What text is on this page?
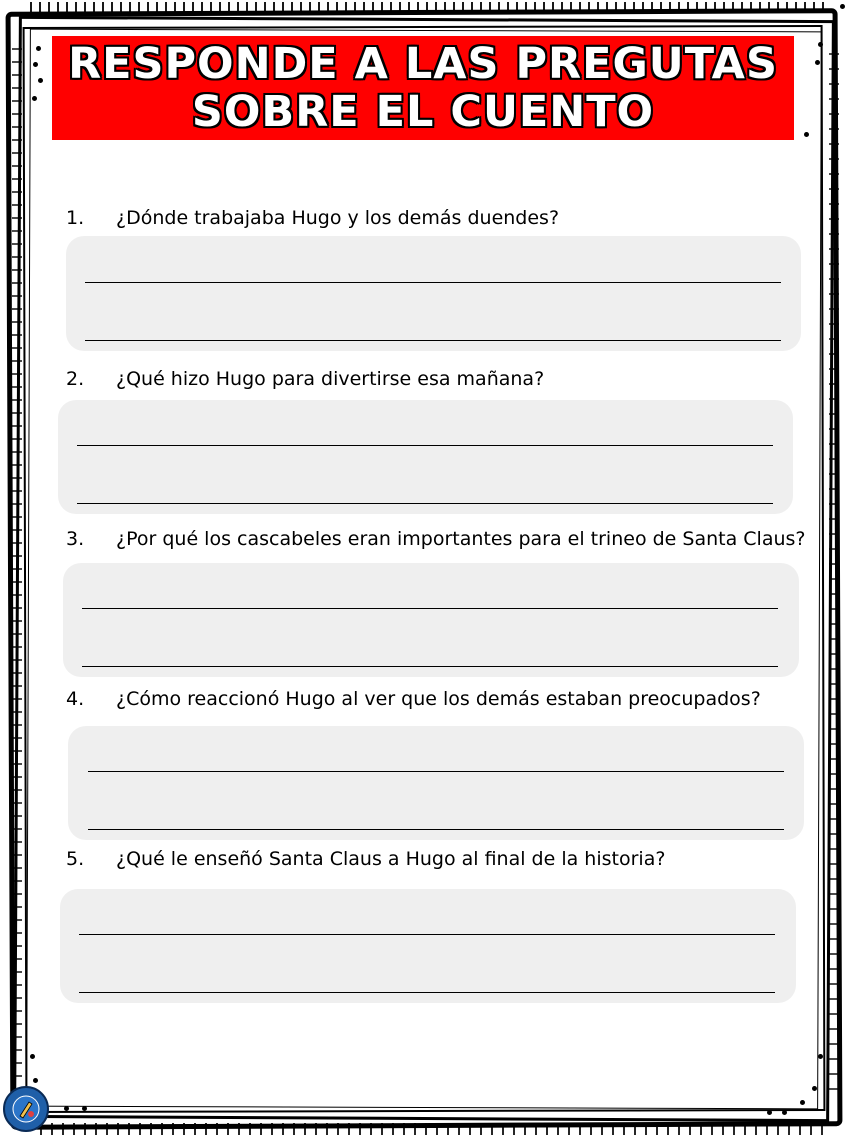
RESPONDE A LAS PREGUTAS
SOBRE EL CUENTO
1. ¿Dónde trabajaba Hugo y los demás duendes?
2. ¿Qué hizo Hugo para divertirse esa mañana?
3. ¿Por qué los cascabeles eran importantes para el trineo de Santa Claus?
4. ¿Cómo reaccionó Hugo al ver que los demás estaban preocupados?
5. ¿Qué le enseñó Santa Claus a Hugo al final de la historia?
